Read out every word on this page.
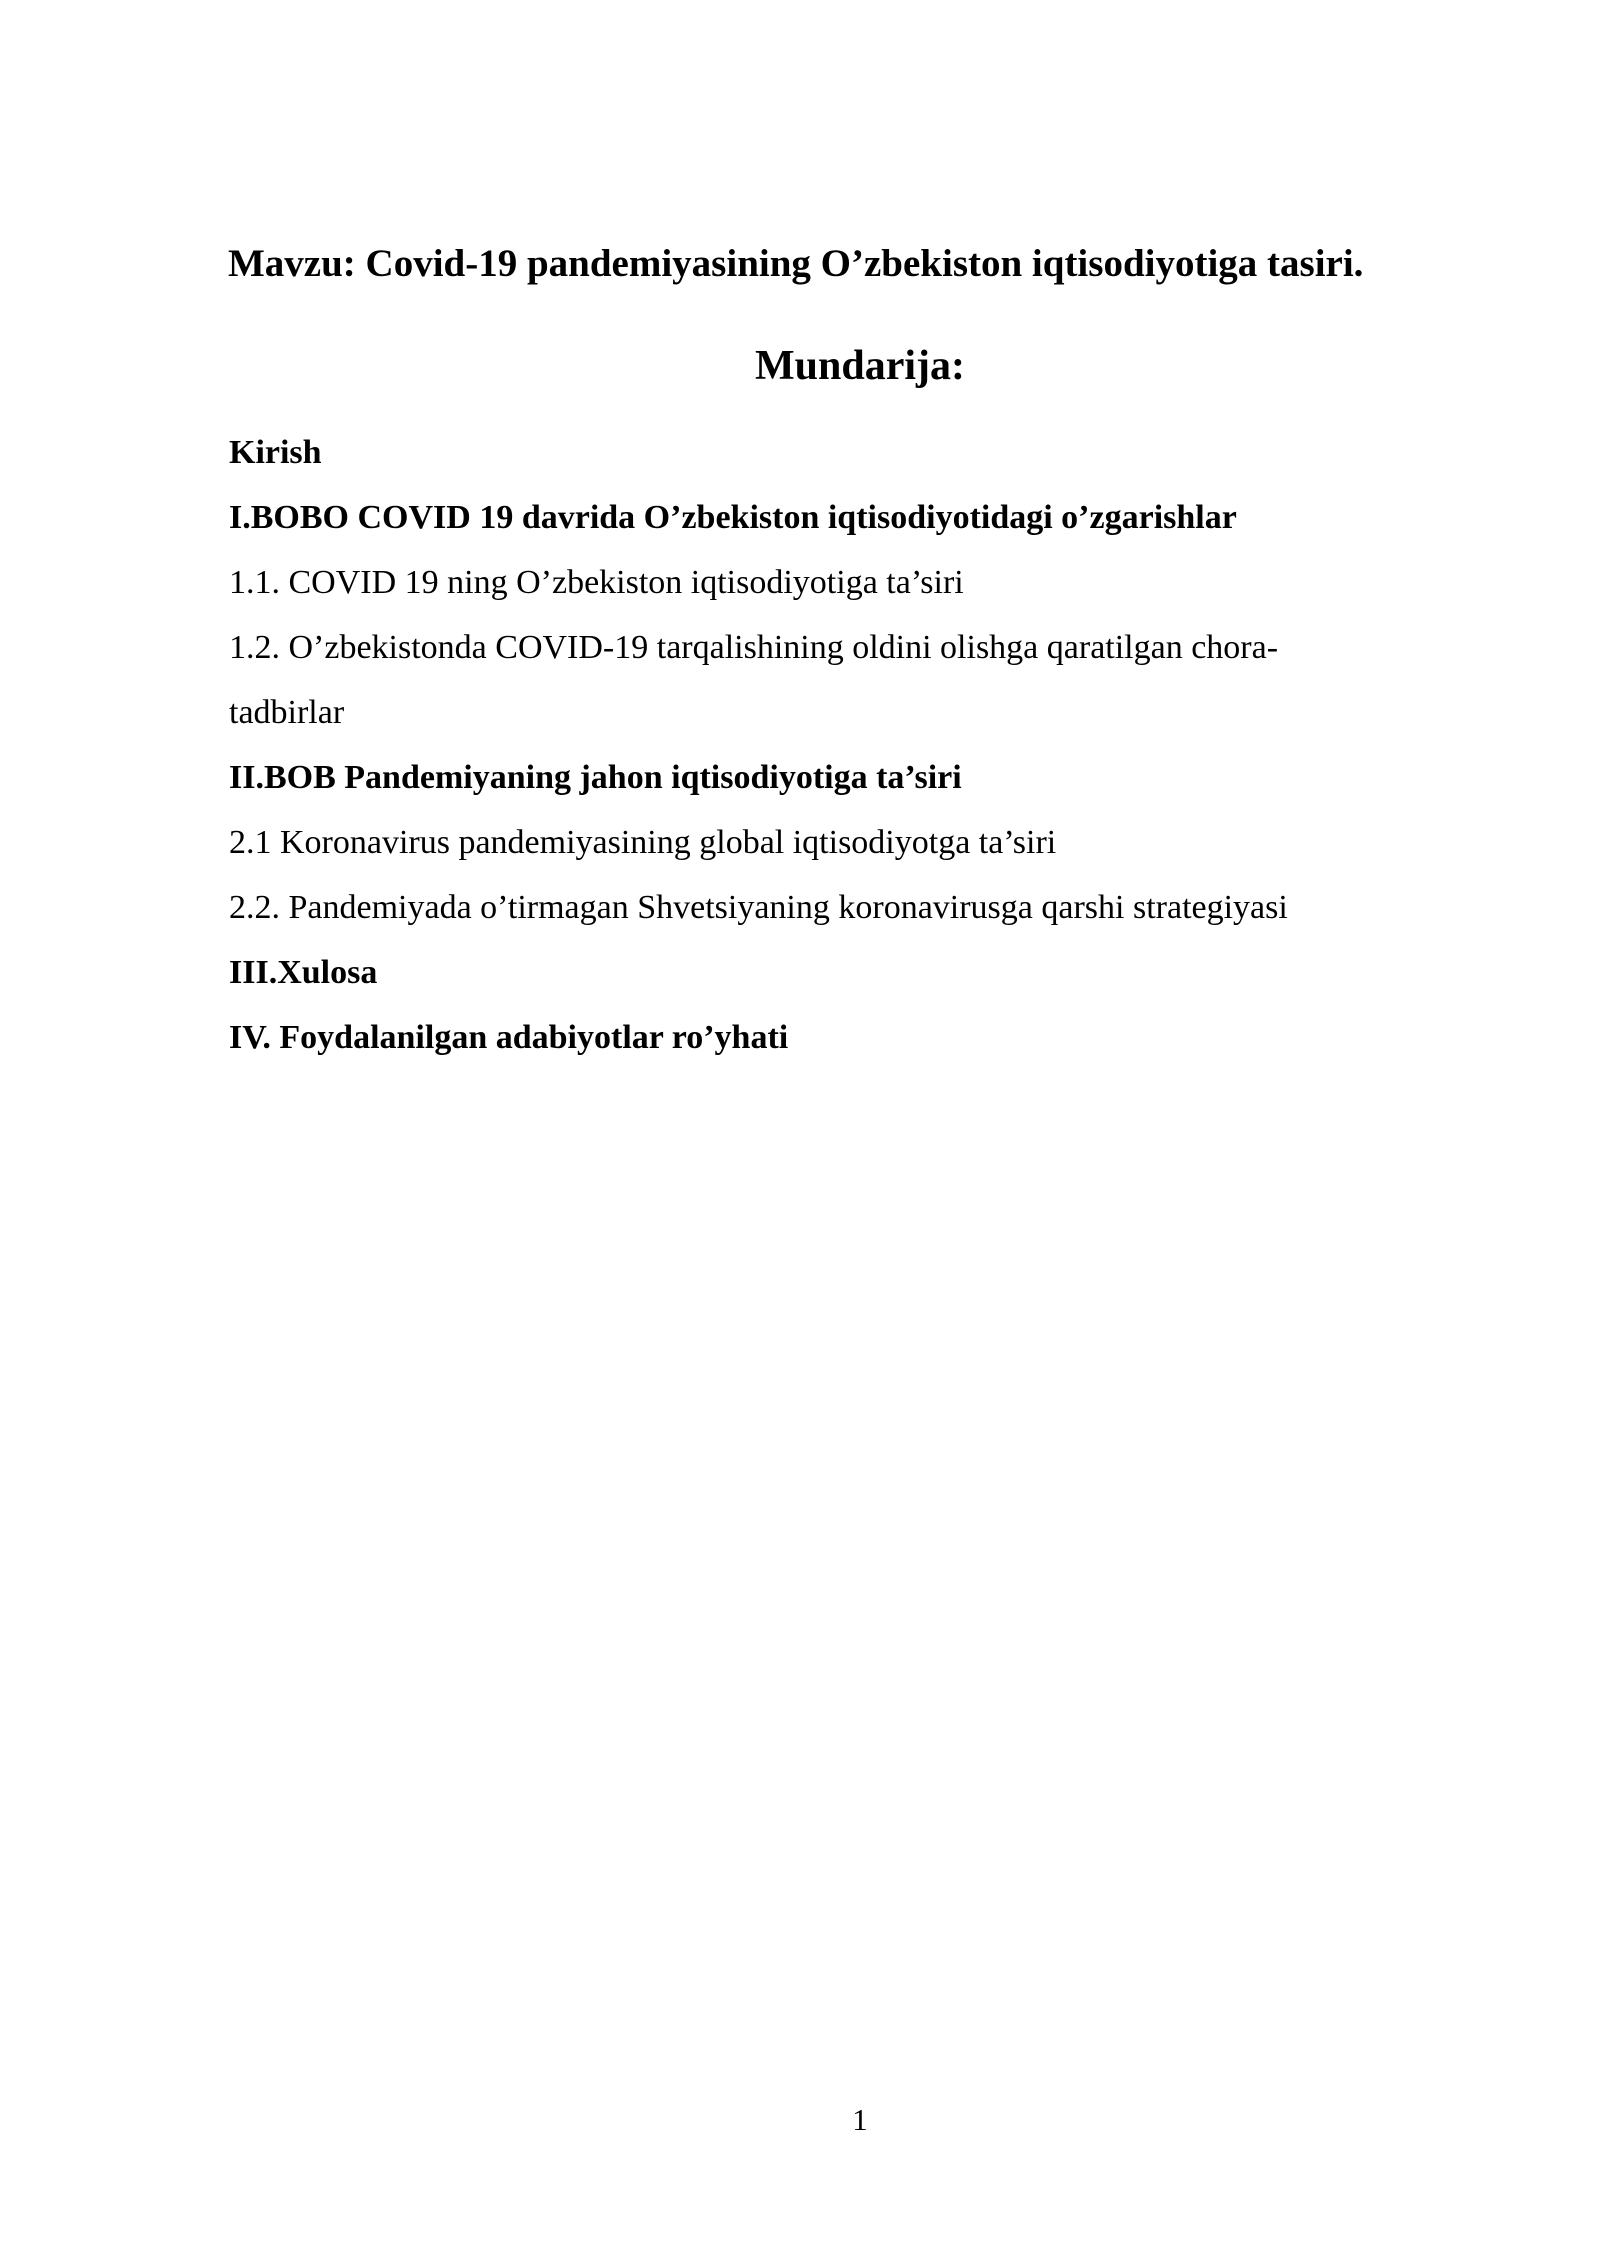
Mavzu: Covid-19 pandemiyasining O’zbekiston iqtisodiyotiga tasiri.
Mundarija:
Kirish
I.BOBO COVID 19 davrida O’zbekiston iqtisodiyotidagi o’zgarishlar
1.1. COVID 19 ning O’zbekiston iqtisodiyotiga ta’siri
1.2. O’zbekistonda COVID-19 tarqalishining oldini olishga qaratilgan chora-
tadbirlar
II.BOB Pandemiyaning jahon iqtisodiyotiga ta’siri
2.1 Koronavirus pandemiyasining global iqtisodiyotga ta’siri
2.2. Pandemiyada o’tirmagan Shvetsiyaning koronavirusga qarshi strategiyasi
III.Xulosa
IV. Foydalanilgan adabiyotlar ro’yhati
1
